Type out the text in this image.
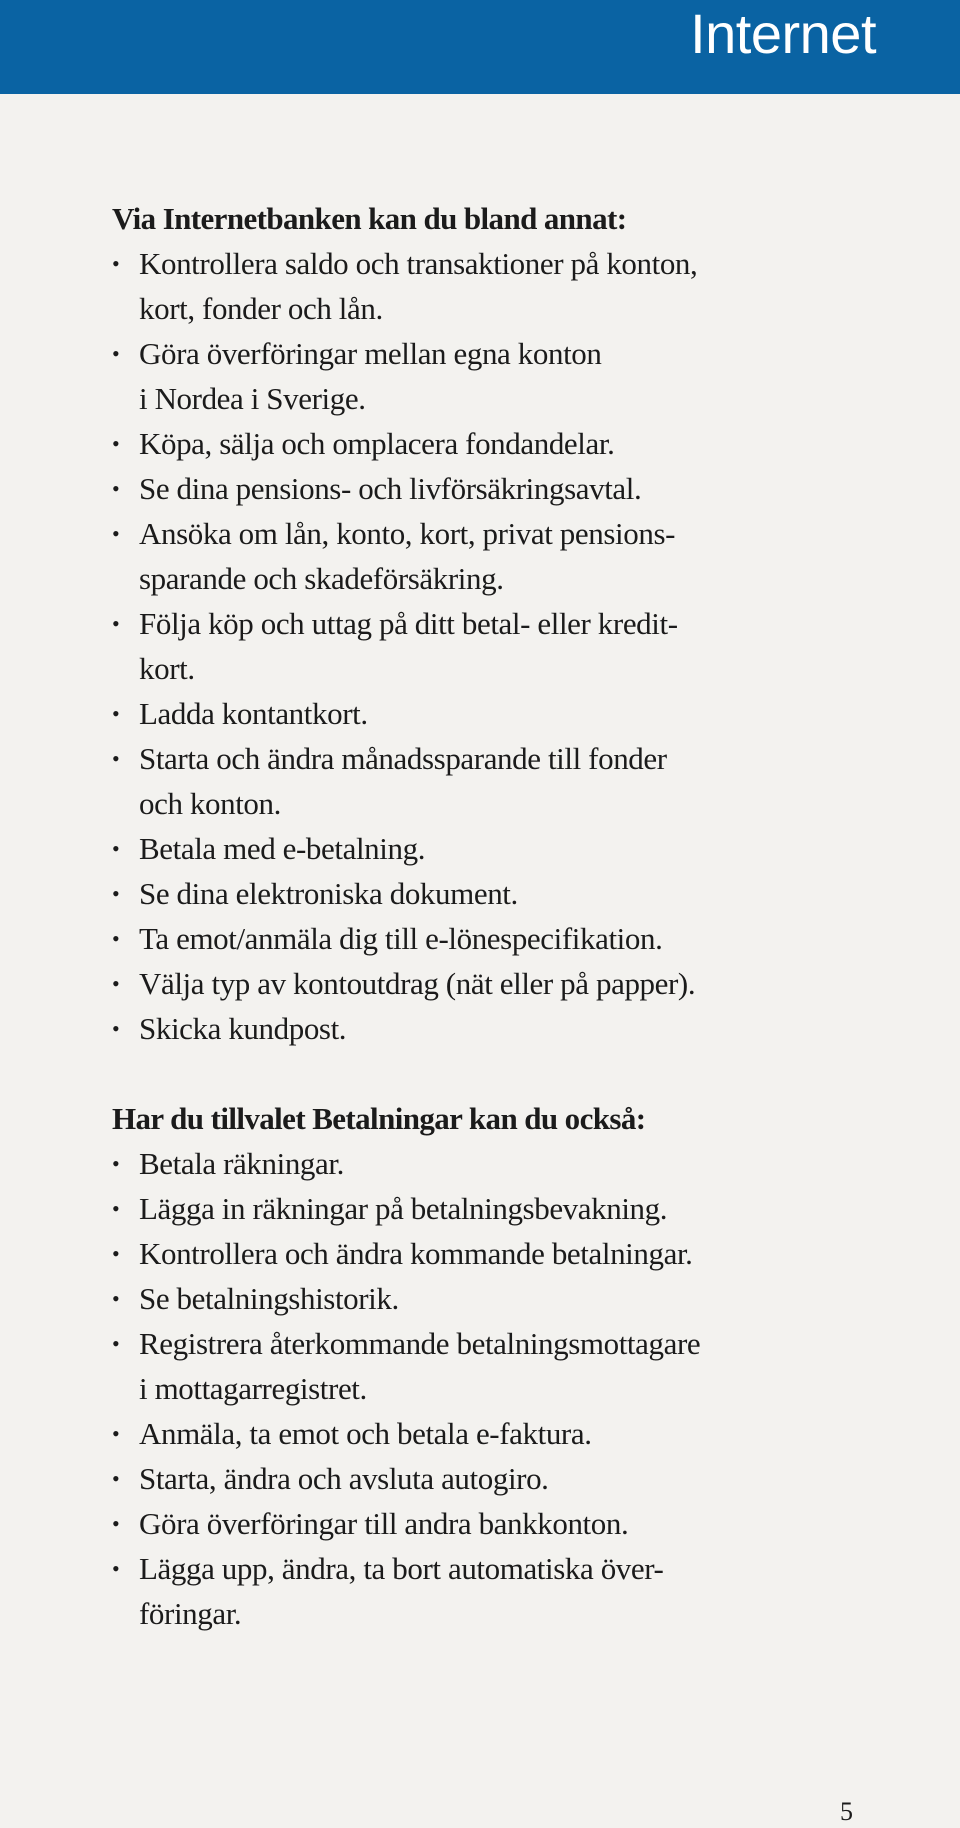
Internet
Via Internetbanken kan du bland annat:
• Kontrollera saldo och transaktioner på konton,
kort, fonder och lån.
• Göra överföringar mellan egna konton
i Nordea i Sverige.
• Köpa, sälja och omplacera fondandelar.
• Se dina pensions- och livförsäkringsavtal.
• Ansöka om lån, konto, kort, privat pensions-
sparande och skadeförsäkring.
• Följa köp och uttag på ditt betal- eller kredit-
kort.
• Ladda kontantkort.
• Starta och ändra månadssparande till fonder
och konton.
• Betala med e-betalning.
• Se dina elektroniska dokument.
• Ta emot/anmäla dig till e-lönespecifikation.
• Välja typ av kontoutdrag (nät eller på papper).
• Skicka kundpost.
Har du tillvalet Betalningar kan du också:
• Betala räkningar.
• Lägga in räkningar på betalningsbevakning.
• Kontrollera och ändra kommande betalningar.
• Se betalningshistorik.
• Registrera återkommande betalningsmottagare
i mottagarregistret.
• Anmäla, ta emot och betala e-faktura.
• Starta, ändra och avsluta autogiro.
• Göra överföringar till andra bankkonton.
• Lägga upp, ändra, ta bort automatiska över-
föringar.
5
